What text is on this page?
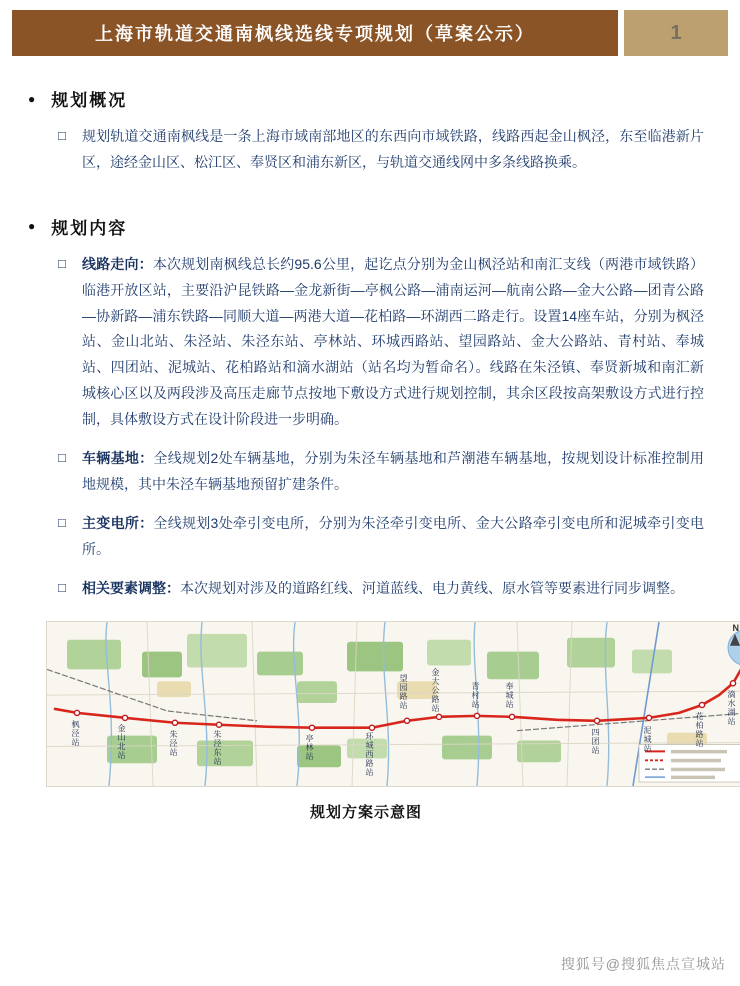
上海市轨道交通南枫线选线专项规划（草案公示）	1
● 规划概况
□	规划轨道交通南枫线是一条上海市域南部地区的东西向市域铁路，线路西起金山枫泾，东至临港新片区，途经金山区、松江区、奉贤区和浦东新区，与轨道交通线网中多条线路换乘。
● 规划内容
□	线路走向：本次规划南枫线总长约95.6公里，起讫点分别为金山枫泾站和南汇支线（两港市域铁路）临港开放区站，主要沿沪昆铁路—金龙新街—亭枫公路—浦南运河—航南公路—金大公路—团青公路—协新路—浦东铁路—同顺大道—两港大道—花柏路—环湖西二路走行。设置14座车站，分别为枫泾站、金山北站、朱泾站、朱泾东站、亭林站、环城西路站、望园路站、金大公路站、青村站、奉城站、四团站、泥城站、花柏路站和滴水湖站（站名均为暂命名）。线路在朱泾镇、奉贤新城和南汇新城核心区以及两段涉及高压走廊节点按地下敷设方式进行规划控制，其余区段按高架敷设方式进行控制，具体敷设方式在设计阶段进一步明确。
□	车辆基地：全线规划2处车辆基地，分别为朱泾车辆基地和芦潮港车辆基地，按规划设计标准控制用地规模，其中朱泾车辆基地预留扩建条件。
□	主变电所：全线规划3处牵引变电所，分别为朱泾牵引变电所、金大公路牵引变电所和泥城牵引变电所。
□	相关要素调整：本次规划对涉及的道路红线、河道蓝线、电力黄线、原水管等要素进行同步调整。
N
枫泾站	金山北站	朱泾站	朱泾东站	亭林站	环城西路站
望园路站	金大公路站	青村站	奉城站
四团站	泥城站	花柏路站
滴水湖站
规划方案示意图
搜狐号@搜狐焦点宣城站
